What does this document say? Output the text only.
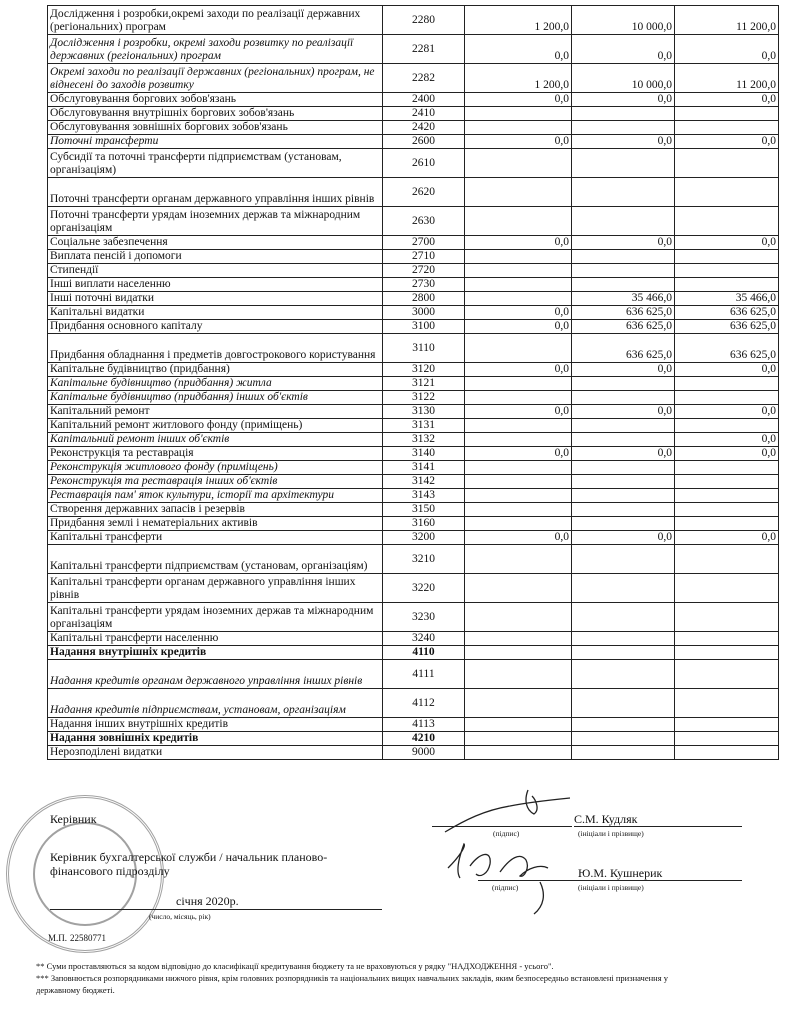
Дослідження і розробки,окремі заходи по реалізації державних (регіональних) програм	2280	1 200,0	10 000,0	11 200,0
Дослідження і розробки, окремі заходи розвитку по реалізації державних (регіональних) програм	2281	0,0	0,0	0,0
Окремі заходи по реалізації державних (регіональних) програм, не віднесені до заходів розвитку	2282	1 200,0	10 000,0	11 200,0
Обслуговування боргових зобов'язань	2400	0,0	0,0	0,0
Обслуговування внутрішніх боргових зобов'язань	2410			
Обслуговування зовнішніх боргових зобов'язань	2420			
Поточні трансферти	2600	0,0	0,0	0,0
Субсидії та поточні трансферти підприємствам (установам, організаціям)	2610			
Поточні трансферти органам державного управління інших рівнів	2620			
Поточні трансферти урядам іноземних держав та міжнародним організаціям	2630			
Соціальне забезпечення	2700	0,0	0,0	0,0
Виплата пенсій і допомоги	2710			
Стипендії	2720			
Інші виплати населенню	2730			
Інші поточні видатки	2800		35 466,0	35 466,0
Капітальні видатки	3000	0,0	636 625,0	636 625,0
Придбання основного капіталу	3100	0,0	636 625,0	636 625,0
Придбання обладнання і предметів довгострокового користування	3110		636 625,0	636 625,0
Капітальне будівництво (придбання)	3120	0,0	0,0	0,0
Капітальне будівництво (придбання) житла	3121			
Капітальне будівництво (придбання) інших об'єктів	3122			
Капітальний ремонт	3130	0,0	0,0	0,0
Капітальний ремонт житлового фонду (приміщень)	3131			
Капітальний ремонт інших об'єктів	3132			0,0
Реконструкція та реставрація	3140	0,0	0,0	0,0
Реконструкція житлового фонду (приміщень)	3141			
Реконструкція та реставрація інших об'єктів	3142			
Реставрація пам' яток культури, історії та архітектури	3143			
Створення державних запасів і резервів	3150			
Придбання землі і нематеріальних активів	3160			
Капітальні трансферти	3200	0,0	0,0	0,0
Капітальні трансферти підприємствам (установам, організаціям)	3210			
Капітальні трансферти органам державного управління інших рівнів	3220			
Капітальні трансферти урядам іноземних держав та міжнародним організаціям	3230			
Капітальні трансферти населенню	3240			
Надання внутрішніх кредитів	4110			
Надання кредитів органам державного управління інших рівнів	4111			
Надання кредитів підприємствам, установам, організаціям	4112			
Надання інших внутрішніх кредитів	4113			
Надання зовнішніх кредитів	4210			
Нерозподілені видатки	9000			
Керівник	С.М. Кудляк
(підпис)	(ініціали і прізвище)
Керівник бухгалтерської служби / начальник планово-
фінансового підрозділу	Ю.М. Кушнерик
(підпис)	(ініціали і прізвище)
січня 2020р.
(число, місяць, рік)
М.П. 22580771
** Суми проставляються за кодом відповідно до класифікації кредитування бюджету та не враховуються у рядку "НАДХОДЖЕННЯ - усього".
*** Заповнюється розпорядниками нижчого рівня, крім головних розпорядників та національних вищих навчальних закладів, яким безпосередньо встановлені призначення у
державному бюджеті.
